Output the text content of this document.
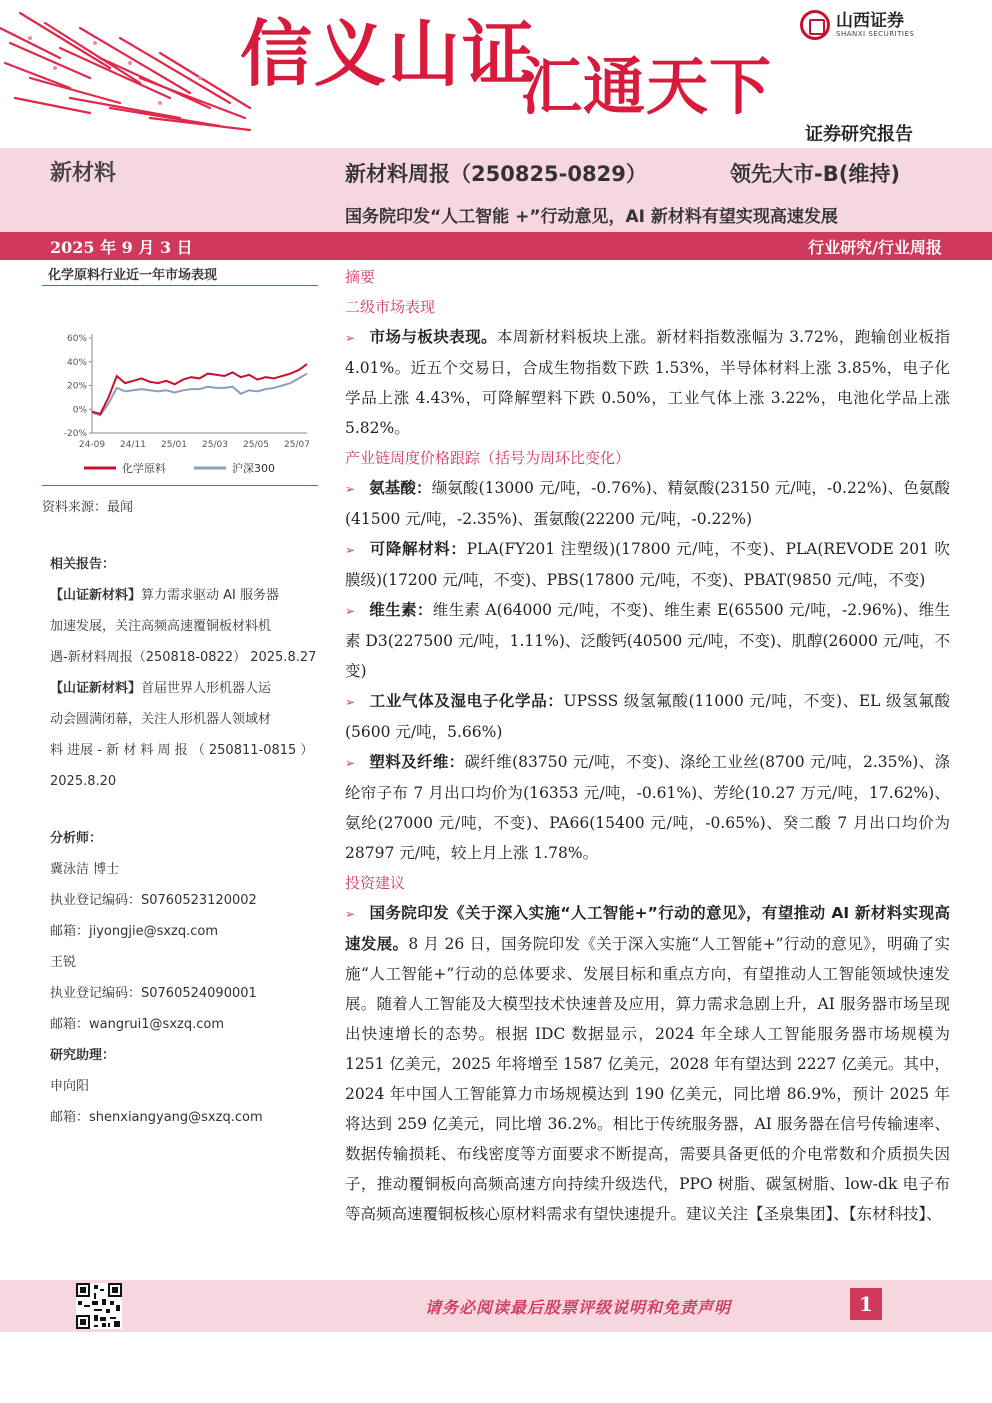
信义山证
汇通天下
山西证券
SHANXI SECURITIES
证券研究报告
新材料	新材料周报（250825-0829）	领先大市-B(维持)
国务院印发“人工智能 +”行动意见，AI 新材料有望实现高速发展
2025 年 9 月 3 日	行业研究/行业周报
化学原料行业近一年市场表现
60%
40%
20%
0%
-20%
24-09 24/11 25/01 25/03 25/05 25/07
化学原料	沪深300
资料来源：最闻
相关报告：
【山证新材料】算力需求驱动 AI 服务器
加速发展，关注高频高速覆铜板材料机
遇-新材料周报（250818-0822） 2025.8.27
【山证新材料】首届世界人形机器人运
动会圆满闭幕，关注人形机器人领域材
料 进展 - 新 材 料 周 报 （ 250811-0815 ）
2025.8.20
分析师：
冀泳洁 博士
执业登记编码：S0760523120002
邮箱：jiyongjie@sxzq.com
王锐
执业登记编码：S0760524090001
邮箱：wangrui1@sxzq.com
研究助理：
申向阳
邮箱：shenxiangyang@sxzq.com
摘要
二级市场表现
➢ 市场与板块表现。本周新材料板块上涨。新材料指数涨幅为 3.72%，跑输创业板指 4.01%。近五个交易日，合成生物指数下跌 1.53%，半导体材料上涨 3.85%，电子化学品上涨 4.43%，可降解塑料下跌 0.50%，工业气体上涨 3.22%，电池化学品上涨 5.82%。
产业链周度价格跟踪（括号为周环比变化）
➢ 氨基酸：缬氨酸(13000 元/吨，-0.76%)、精氨酸(23150 元/吨，-0.22%)、色氨酸(41500 元/吨，-2.35%)、蛋氨酸(22200 元/吨，-0.22%)
➢ 可降解材料：PLA(FY201 注塑级)(17800 元/吨，不变)、PLA(REVODE 201 吹膜级)(17200 元/吨，不变)、PBS(17800 元/吨，不变)、PBAT(9850 元/吨，不变)
➢ 维生素：维生素 A(64000 元/吨，不变)、维生素 E(65500 元/吨，-2.96%)、维生素 D3(227500 元/吨，1.11%)、泛酸钙(40500 元/吨，不变)、肌醇(26000 元/吨，不变)
➢ 工业气体及湿电子化学品：UPSSS 级氢氟酸(11000 元/吨，不变)、EL 级氢氟酸(5600 元/吨，5.66%)
➢ 塑料及纤维：碳纤维(83750 元/吨，不变)、涤纶工业丝(8700 元/吨，2.35%)、涤纶帘子布 7 月出口均价为(16353 元/吨，-0.61%)、芳纶(10.27 万元/吨，17.62%)、氨纶(27000 元/吨，不变)、PA66(15400 元/吨，-0.65%)、癸二酸 7 月出口均价为 28797 元/吨，较上月上涨 1.78%。
投资建议
➢ 国务院印发《关于深入实施“人工智能+”行动的意见》，有望推动 AI 新材料实现高速发展。8 月 26 日，国务院印发《关于深入实施“人工智能+”行动的意见》，明确了实施“人工智能+”行动的总体要求、发展目标和重点方向，有望推动人工智能领域快速发展。随着人工智能及大模型技术快速普及应用，算力需求急剧上升，AI 服务器市场呈现出快速增长的态势。根据 IDC 数据显示，2024 年全球人工智能服务器市场规模为 1251 亿美元，2025 年将增至 1587 亿美元，2028 年有望达到 2227 亿美元。其中，2024 年中国人工智能算力市场规模达到 190 亿美元，同比增 86.9%，预计 2025 年将达到 259 亿美元，同比增 36.2%。相比于传统服务器，AI 服务器在信号传输速率、数据传输损耗、布线密度等方面要求不断提高，需要具备更低的介电常数和介质损失因子，推动覆铜板向高频高速方向持续升级迭代，PPO 树脂、碳氢树脂、low-dk 电子布等高频高速覆铜板核心原材料需求有望快速提升。建议关注【圣泉集团】、【东材科技】、
请务必阅读最后股票评级说明和免责声明	1
